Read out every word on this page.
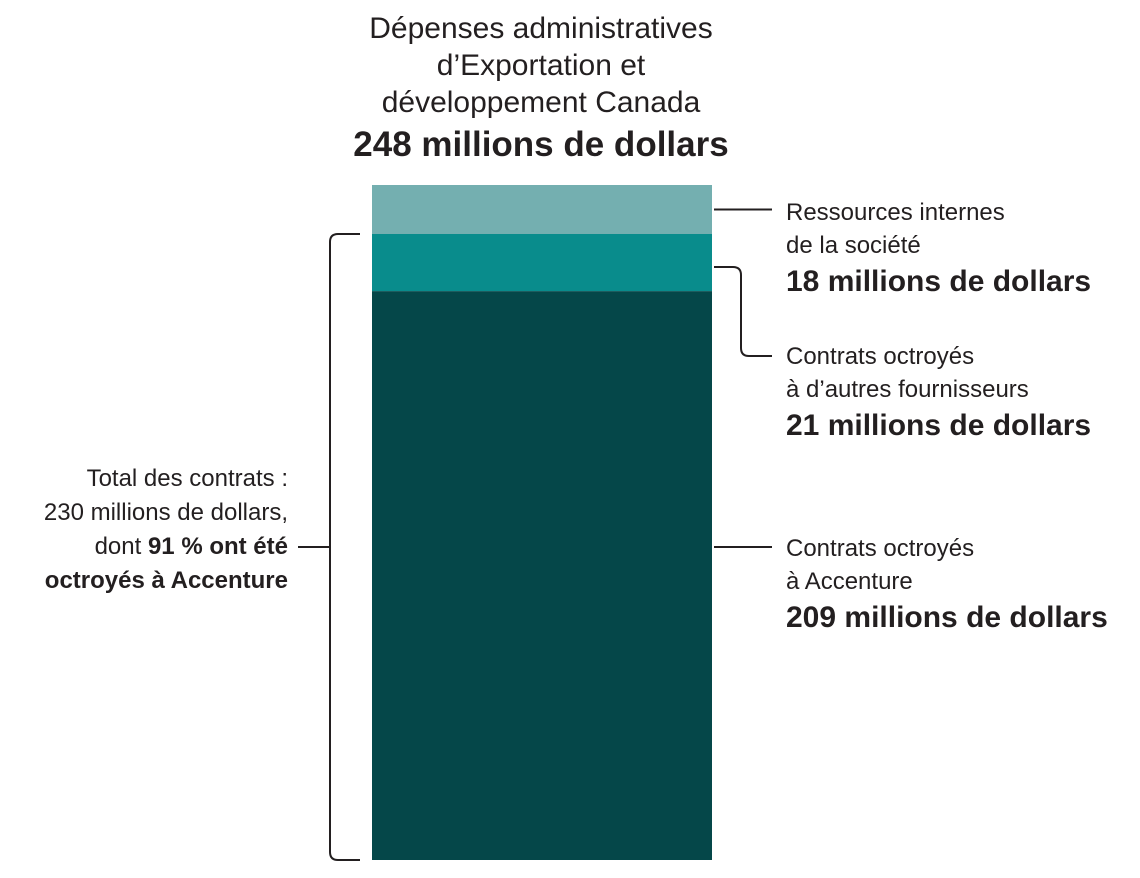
Dépenses administratives
d’Exportation et
développement Canada
248 millions de dollars
Ressources internes
de la société
18 millions de dollars
Contrats octroyés
à d’autres fournisseurs
21 millions de dollars
Contrats octroyés
à Accenture
209 millions de dollars
Total des contrats :
230 millions de dollars,
dont 91 % ont été
octroyés à Accenture
